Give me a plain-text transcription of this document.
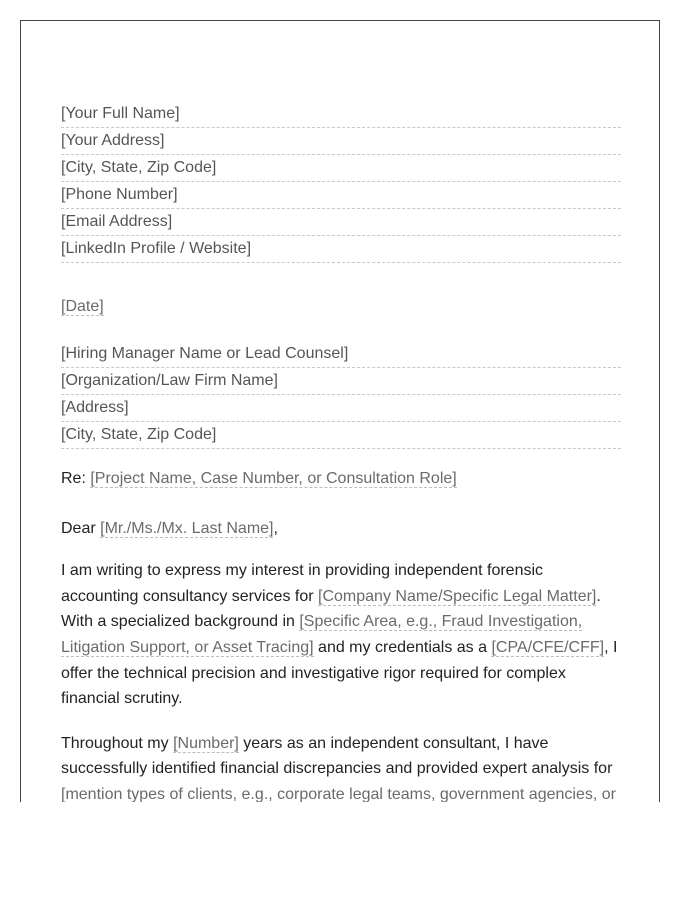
[Your Full Name]
[Your Address]
[City, State, Zip Code]
[Phone Number]
[Email Address]
[LinkedIn Profile / Website]
[Date]
[Hiring Manager Name or Lead Counsel]
[Organization/Law Firm Name]
[Address]
[City, State, Zip Code]

Re: [Project Name, Case Number, or Consultation Role]

Dear [Mr./Ms./Mx. Last Name],

I am writing to express my interest in providing independent forensic accounting consultancy services for [Company Name/Specific Legal Matter]. With a specialized background in [Specific Area, e.g., Fraud Investigation, Litigation Support, or Asset Tracing] and my credentials as a [CPA/CFE/CFF], I offer the technical precision and investigative rigor required for complex financial scrutiny.

Throughout my [Number] years as an independent consultant, I have successfully identified financial discrepancies and provided expert analysis for [mention types of clients, e.g., corporate legal teams, government agencies, or
